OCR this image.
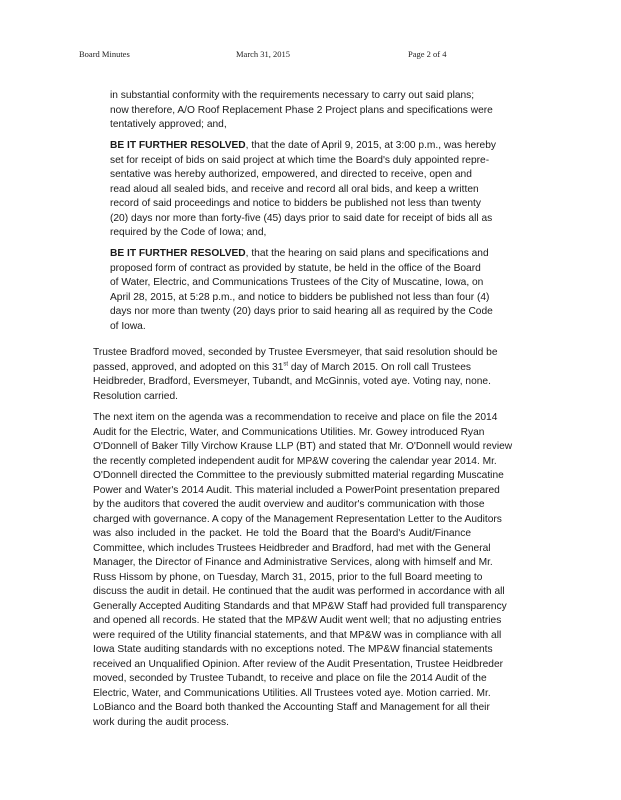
Board Minutes	March 31, 2015	Page 2 of 4
in substantial conformity with the requirements necessary to carry out said plans;
now therefore, A/O Roof Replacement Phase 2 Project plans and specifications were
tentatively approved; and,
BE IT FURTHER RESOLVED, that the date of April 9, 2015, at 3:00 p.m., was hereby
set for receipt of bids on said project at which time the Board's duly appointed repre-
sentative was hereby authorized, empowered, and directed to receive, open and
read aloud all sealed bids, and receive and record all oral bids, and keep a written
record of said proceedings and notice to bidders be published not less than twenty
(20) days nor more than forty-five (45) days prior to said date for receipt of bids all as
required by the Code of Iowa; and,
BE IT FURTHER RESOLVED, that the hearing on said plans and specifications and
proposed form of contract as provided by statute, be held in the office of the Board
of Water, Electric, and Communications Trustees of the City of Muscatine, Iowa, on
April 28, 2015, at 5:28 p.m., and notice to bidders be published not less than four (4)
days nor more than twenty (20) days prior to said hearing all as required by the Code
of Iowa.
Trustee Bradford moved, seconded by Trustee Eversmeyer, that said resolution should be
passed, approved, and adopted on this 31st day of March 2015. On roll call Trustees
Heidbreder, Bradford, Eversmeyer, Tubandt, and McGinnis, voted aye. Voting nay, none.
Resolution carried.
The next item on the agenda was a recommendation to receive and place on file the 2014
Audit for the Electric, Water, and Communications Utilities. Mr. Gowey introduced Ryan
O'Donnell of Baker Tilly Virchow Krause LLP (BT) and stated that Mr. O'Donnell would review
the recently completed independent audit for MP&W covering the calendar year 2014. Mr.
O'Donnell directed the Committee to the previously submitted material regarding Muscatine
Power and Water's 2014 Audit. This material included a PowerPoint presentation prepared
by the auditors that covered the audit overview and auditor's communication with those
charged with governance. A copy of the Management Representation Letter to the Auditors
was also included in the packet. He told the Board that the Board's Audit/Finance
Committee, which includes Trustees Heidbreder and Bradford, had met with the General
Manager, the Director of Finance and Administrative Services, along with himself and Mr.
Russ Hissom by phone, on Tuesday, March 31, 2015, prior to the full Board meeting to
discuss the audit in detail. He continued that the audit was performed in accordance with all
Generally Accepted Auditing Standards and that MP&W Staff had provided full transparency
and opened all records. He stated that the MP&W Audit went well; that no adjusting entries
were required of the Utility financial statements, and that MP&W was in compliance with all
Iowa State auditing standards with no exceptions noted. The MP&W financial statements
received an Unqualified Opinion. After review of the Audit Presentation, Trustee Heidbreder
moved, seconded by Trustee Tubandt, to receive and place on file the 2014 Audit of the
Electric, Water, and Communications Utilities. All Trustees voted aye. Motion carried. Mr.
LoBianco and the Board both thanked the Accounting Staff and Management for all their
work during the audit process.
